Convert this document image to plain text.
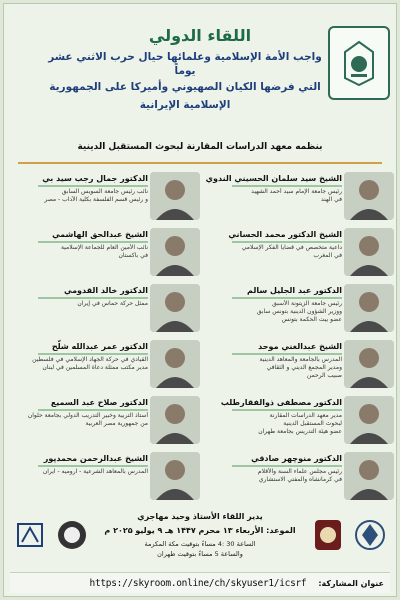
اللقاء الدولي
واجب الأمة الإسلامية وعلمائها حيال حرب الاثني عشر يوماً
التي فرضها الكيان الصهيوني وأميركا على الجمهورية
الإسلامية الإيرانية
بنظمه معهد الدراسات المقارنة لبحوث المستقبل الدينية
الشيخ سيد سلمان الحسيني الندوي
رئيس جامعة الإمام سيد أحمد الشهيد
في الهند
الشيخ الدكتور محمد الحساني
داعية متخصص في قضايا الفكر الإسلامي
في المغرب
الدكتور عبد الجليل سالم
رئيس جامعة الزيتونة الأسبق
ووزير الشؤون الدينية بتونس سابق
عضو بيت الحكمة بتونس
الشيخ عبدالغني موحد
المدرس بالجامعة والمعاهد الدينية
ومدير المجمع الديني و الثقافي
صبيب الرحمن
الدكتور مصطفى ذوالفقارطلب
مدير معهد الدراسات المقارنة
لبحوث المستقبل الدينية
عضو هيئة التدريس بجامعة طهران
الدكتور منوچهر صادقي
رئيس مجلس علماء السنة والأقلّام
في كرمانشاه والمفتي الاستشاري
الدكتور جمال رجب سيد بي
نائب رئيس جامعة السويس السابق
و رئيس قسم الفلسفة بكلية الآداب - مصر
الشيخ عبدالحق الهاشمي
نائب الأمين العام للجماعة الإسلامية
في باكستان
الدكتور خالد القدومي
ممثل حركة حماس في إيران
الدكتور عمر عبدالله شلّح
القيادي في حركة الجهاد الإسلامي في فلسطين
مدير مكتب ممثلة دعاة المسلمين في لبنان
الدكتور صلاح عبد السميع
أستاذ التربية وخبير التدريب الدولي بجامعة حلوان
من جمهورية مصر العربية
الشيخ عبدالرحمن محمدپور
المدرس بالمعاهد الشرعية - اروميه - ايران
يدير اللقاء الأستاذ وحيد مهاجري
الموعد: الأربعاء ۱۳ محرم ۱۴۴۷ هـ ۹ يوليو ۲۰۲۵ م
الساعة 30 :4 مساءً بتوقيت مكة المكرمة
والساعة 5 مساءً بتوقيت طهران
عنوان المشاركة:
https://skyroom.online/ch/skyuser1/icsrf
